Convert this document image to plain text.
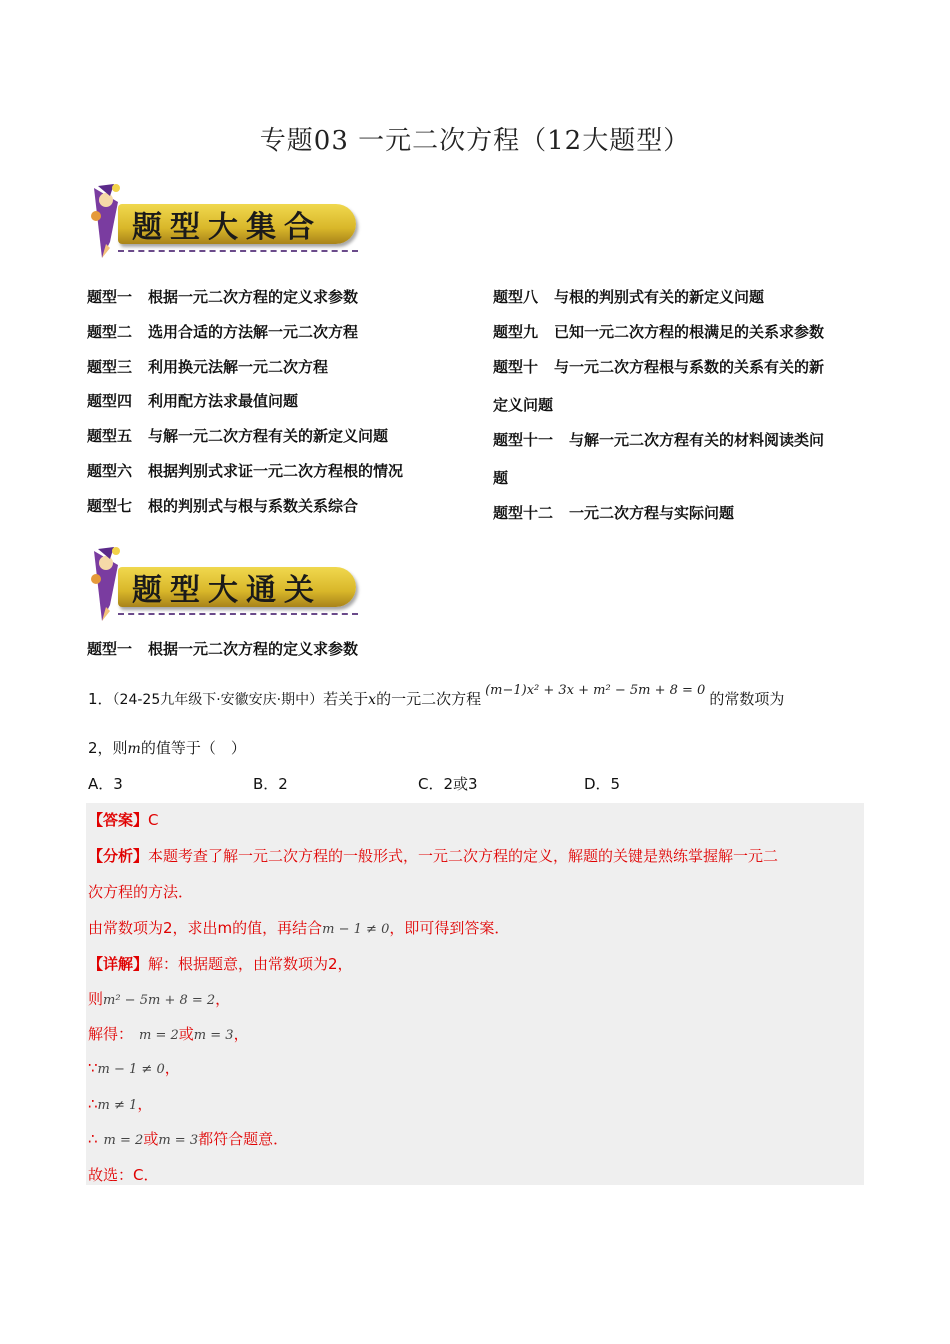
专题03 一元二次方程（12大题型）
题型大集合
题型一 根据一元二次方程的定义求参数
题型二 选用合适的方法解一元二次方程
题型三 利用换元法解一元二次方程
题型四 利用配方法求最值问题
题型五 与解一元二次方程有关的新定义问题
题型六 根据判别式求证一元二次方程根的情况
题型七 根的判别式与根与系数关系综合
题型八 与根的判别式有关的新定义问题
题型九 已知一元二次方程的根满足的关系求参数
题型十 与一元二次方程根与系数的关系有关的新
定义问题
题型十一 与解一元二次方程有关的材料阅读类问
题
题型十二 一元二次方程与实际问题
题型大通关
题型一 根据一元二次方程的定义求参数
1．（24-25九年级下·安徽安庆·期中）若关于x的一元二次方程 (m−1)x² + 3x + m² − 5m + 8 = 0 的常数项为
2，则m的值等于（　）
A．3	B．2	C．2或3	D．5
【答案】C
【分析】本题考查了解一元二次方程的一般形式，一元二次方程的定义，解题的关键是熟练掌握解一元二
次方程的方法．
由常数项为2，求出m的值，再结合m − 1 ≠ 0，即可得到答案．
【详解】解：根据题意，由常数项为2，
则m² − 5m + 8 = 2，
解得： m = 2或m = 3，
∵m − 1 ≠ 0，
∴m ≠ 1，
∴ m = 2或m = 3都符合题意．
故选：C．
